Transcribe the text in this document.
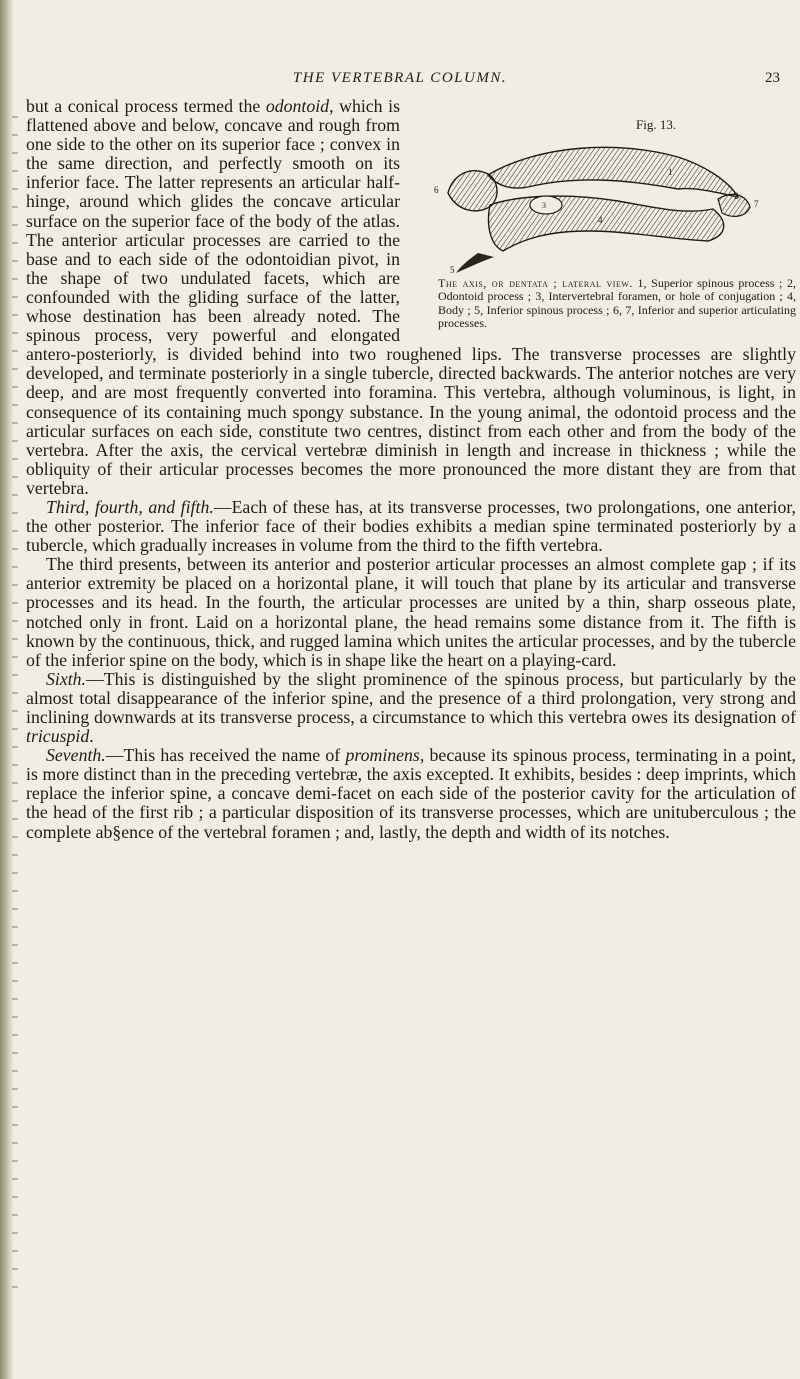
THE VERTEBRAL COLUMN.	23
Fig. 13.
1
2
3
4
5
6
7
The axis, or dentata ; lateral view. 1, Superior spinous process ; 2, Odontoid process ; 3, Intervertebral foramen, or hole of conjugation ; 4, Body ; 5, Inferior spinous process ; 6, 7, Inferior and superior articulating processes.

but a conical process termed the odontoid, which is flattened above and below, concave and rough from one side to the other on its superior face ; convex in the same direction, and perfectly smooth on its inferior face. The latter represents an articular half-hinge, around which glides the concave articular surface on the superior face of the body of the atlas. The anterior articular processes are carried to the base and to each side of the odontoidian pivot, in the shape of two undulated facets, which are confounded with the gliding surface of the latter, whose destination has been already noted. The spinous process, very powerful and elongated antero-posteriorly, is divided behind into two roughened lips. The transverse processes are slightly developed, and terminate posteriorly in a single tubercle, directed backwards. The anterior notches are very deep, and are most frequently converted into foramina. This vertebra, although voluminous, is light, in consequence of its containing much spongy substance. In the young animal, the odontoid process and the articular surfaces on each side, constitute two centres, distinct from each other and from the body of the vertebra. After the axis, the cervical vertebræ diminish in length and increase in thickness ; while the obliquity of their articular processes becomes the more pronounced the more distant they are from that vertebra.

Third, fourth, and fifth.—Each of these has, at its transverse processes, two prolongations, one anterior, the other posterior. The inferior face of their bodies exhibits a median spine terminated posteriorly by a tubercle, which gradually increases in volume from the third to the fifth vertebra.

The third presents, between its anterior and posterior articular processes an almost complete gap ; if its anterior extremity be placed on a horizontal plane, it will touch that plane by its articular and transverse processes and its head. In the fourth, the articular processes are united by a thin, sharp osseous plate, notched only in front. Laid on a horizontal plane, the head remains some distance from it. The fifth is known by the continuous, thick, and rugged lamina which unites the articular processes, and by the tubercle of the inferior spine on the body, which is in shape like the heart on a playing-card.

Sixth.—This is distinguished by the slight prominence of the spinous process, but particularly by the almost total disappearance of the inferior spine, and the presence of a third prolongation, very strong and inclining downwards at its transverse process, a circumstance to which this vertebra owes its designation of tricuspid.

Seventh.—This has received the name of prominens, because its spinous process, terminating in a point, is more distinct than in the preceding vertebræ, the axis excepted. It exhibits, besides : deep imprints, which replace the inferior spine, a concave demi-facet on each side of the posterior cavity for the articulation of the head of the first rib ; a particular disposition of its transverse processes, which are unituberculous ; the complete ab§ence of the vertebral foramen ; and, lastly, the depth and width of its notches.
